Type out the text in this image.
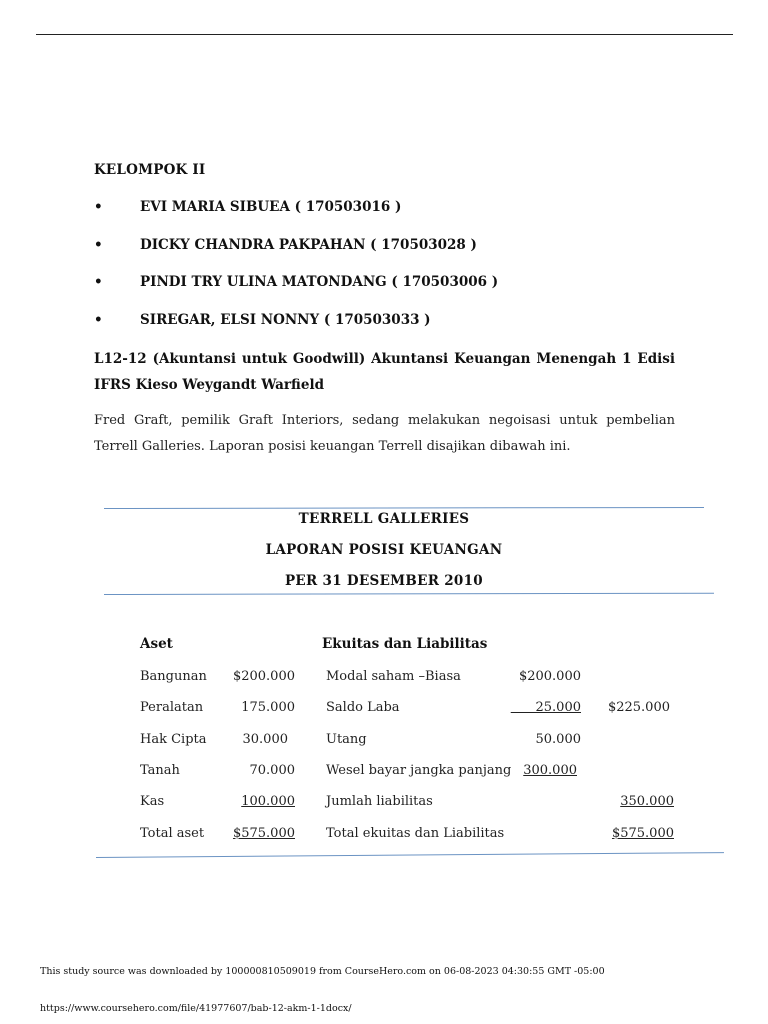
KELOMPOK II
•	EVI MARIA SIBUEA ( 170503016 )
•	DICKY CHANDRA PAKPAHAN ( 170503028 )
•	PINDI TRY ULINA MATONDANG ( 170503006 )
•	SIREGAR, ELSI NONNY ( 170503033 )
L12-12 (Akuntansi untuk Goodwill) Akuntansi Keuangan Menengah 1 Edisi IFRS Kieso Weygandt Warfield
Fred Graft, pemilik Graft Interiors, sedang melakukan negoisasi untuk pembelian Terrell Galleries. Laporan posisi keuangan Terrell disajikan dibawah ini.
TERRELL GALLERIES
LAPORAN POSISI KEUANGAN
PER 31 DESEMBER 2010
Aset	Ekuitas dan Liabilitas
Bangunan $200.000 Modal saham –Biasa	$200.000
Peralatan	175.000 Saldo Laba	25.000 $225.000
Hak Cipta	30.000	Utang	50.000
Tanah	70.000 Wesel bayar jangka panjang 300.000
Kas	100.000 Jumlah liabilitas	350.000
Total aset $575.000 Total ekuitas dan Liabilitas	$575.000
This study source was downloaded by 100000810509019 from CourseHero.com on 06-08-2023 04:30:55 GMT -05:00
https://www.coursehero.com/file/41977607/bab-12-akm-1-1docx/
